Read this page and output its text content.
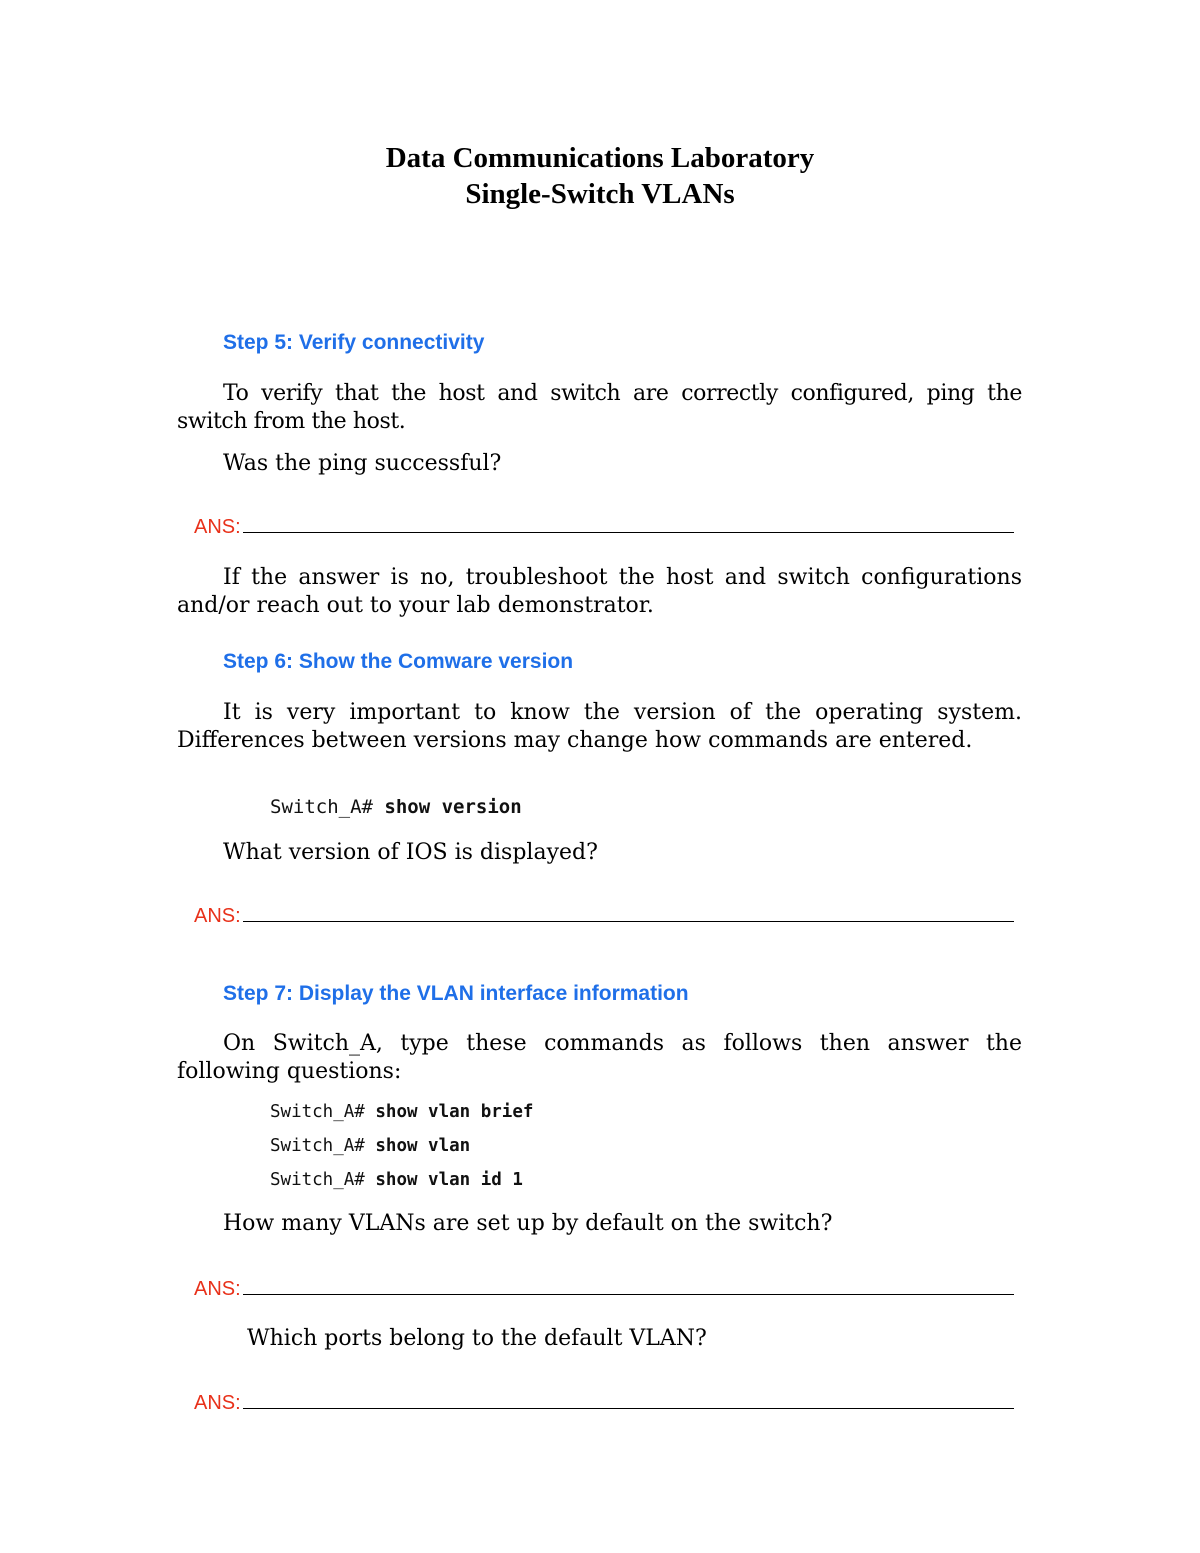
Data Communications Laboratory
Single-Switch VLANs
Step 5: Verify connectivity
To verify that the host and switch are correctly configured, ping the switch from the host.
Was the ping successful?
ANS:
If the answer is no, troubleshoot the host and switch configurations and/or reach out to your lab demonstrator.
Step 6: Show the Comware version
It is very important to know the version of the operating system. Differences between versions may change how commands are entered.
Switch_A# show version
What version of IOS is displayed?
ANS:
Step 7: Display the VLAN interface information
On Switch_A, type these commands as follows then answer the following questions:
Switch_A# show vlan brief
Switch_A# show vlan
Switch_A# show vlan id 1
How many VLANs are set up by default on the switch?
ANS:
Which ports belong to the default VLAN?
ANS:
